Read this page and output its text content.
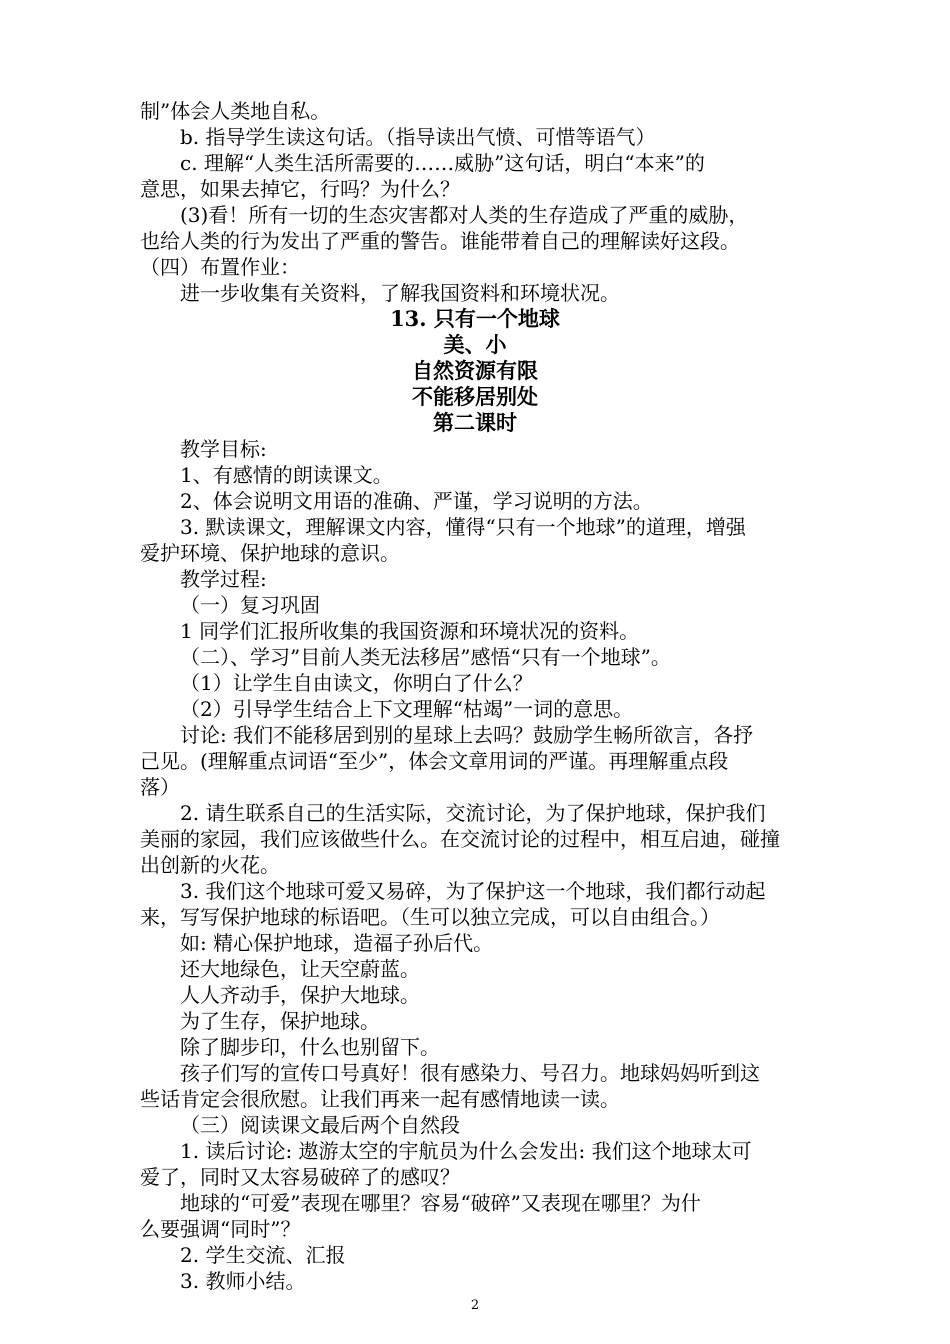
制”体会人类地自私。
b. 指导学生读这句话。（指导读出气愤、可惜等语气）
c. 理解“人类生活所需要的……威胁”这句话，明白“本来”的
意思，如果去掉它，行吗？为什么？
(3)看！所有一切的生态灾害都对人类的生存造成了严重的威胁，
也给人类的行为发出了严重的警告。谁能带着自己的理解读好这段。
（四）布置作业：
进一步收集有关资料，了解我国资料和环境状况。
13. 只有一个地球
美、小
自然资源有限
不能移居别处
第二课时
教学目标:
1、有感情的朗读课文。
2、体会说明文用语的准确、严谨，学习说明的方法。
3. 默读课文，理解课文内容，懂得“只有一个地球”的道理，增强
爱护环境、保护地球的意识。
教学过程:
（一）复习巩固
1 同学们汇报所收集的我国资源和环境状况的资料。
（二）、学习”目前人类无法移居”感悟“只有一个地球”。
（1）让学生自由读文，你明白了什么？
（2）引导学生结合上下文理解“枯竭”一词的意思。
讨论: 我们不能移居到别的星球上去吗？鼓励学生畅所欲言，各抒
己见。(理解重点词语“至少”，体会文章用词的严谨。再理解重点段
落）
2. 请生联系自己的生活实际，交流讨论，为了保护地球，保护我们
美丽的家园，我们应该做些什么。在交流讨论的过程中，相互启迪，碰撞
出创新的火花。
3. 我们这个地球可爱又易碎，为了保护这一个地球，我们都行动起
来，写写保护地球的标语吧。（生可以独立完成，可以自由组合。）
如: 精心保护地球，造福子孙后代。
还大地绿色，让天空蔚蓝。
人人齐动手，保护大地球。
为了生存，保护地球。
除了脚步印，什么也别留下。
孩子们写的宣传口号真好！很有感染力、号召力。地球妈妈听到这
些话肯定会很欣慰。让我们再来一起有感情地读一读。
（三）阅读课文最后两个自然段
1. 读后讨论: 遨游太空的宇航员为什么会发出: 我们这个地球太可
爱了，同时又太容易破碎了的感叹？
地球的“可爱”表现在哪里？容易“破碎”又表现在哪里？为什
么要强调“同时”？
2. 学生交流、汇报
3. 教师小结。
2
